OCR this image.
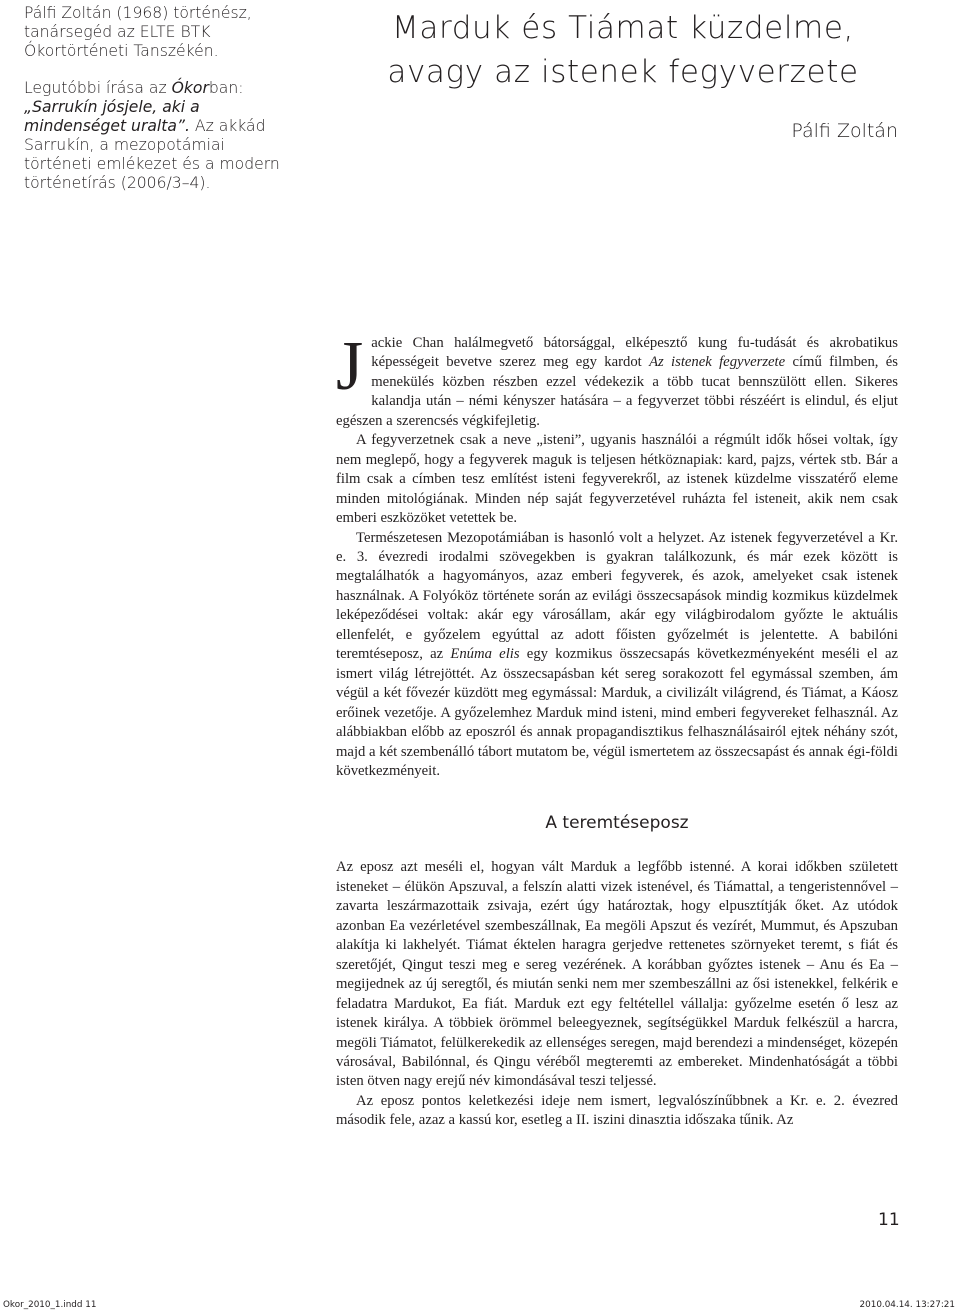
Pálfi Zoltán (1968) történész, tanársegéd az ELTE BTK Ókortörténeti Tanszékén.

Legutóbbi írása az Ókorban: „Sarrukín jósjele, aki a mindenséget uralta”. Az akkád Sarrukín, a mezopotámiai történeti emlékezet és a modern történetírás (2006/3–4).

Marduk és Tiámat küzdelme,
avagy az istenek fegyverzete

Pálfi Zoltán

Jackie Chan halálmegvető bátorsággal, elképesztő kung fu-tudását és akrobatikus képességeit bevetve szerez meg egy kardot Az istenek fegyverzete című filmben, és menekülés közben részben ezzel védekezik a több tucat bennszülött ellen. Sikeres kalandja után – némi kényszer hatására – a fegyverzet többi részéért is elindul, és eljut egészen a szerencsés végkifejletig.

A fegyverzetnek csak a neve „isteni”, ugyanis használói a régmúlt idők hősei voltak, így nem meglepő, hogy a fegyverek maguk is teljesen hétköznapiak: kard, pajzs, vértek stb. Bár a film csak a címben tesz említést isteni fegyverekről, az istenek küzdelme visszatérő eleme minden mitológiának. Minden nép saját fegyverzetével ruházta fel isteneit, akik nem csak emberi eszközöket vetettek be.

Természetesen Mezopotámiában is hasonló volt a helyzet. Az istenek fegyverzetével a Kr. e. 3. évezredi irodalmi szövegekben is gyakran találkozunk, és már ezek között is megtalálhatók a hagyományos, azaz emberi fegyverek, és azok, amelyeket csak istenek használnak. A Folyóköz története során az evilági összecsapások mindig kozmikus küzdelmek leképeződései voltak: akár egy városállam, akár egy világbirodalom győzte le aktuális ellenfelét, e győzelem egyúttal az adott főisten győzelmét is jelentette. A babilóni teremtéseposz, az Enúma elis egy kozmikus összecsapás következményeként meséli el az ismert világ létrejöttét. Az összecsapásban két sereg sorakozott fel egymással szemben, ám végül a két fővezér küzdött meg egymással: Marduk, a civilizált világrend, és Tiámat, a Káosz erőinek vezetője. A győzelemhez Marduk mind isteni, mind emberi fegyvereket felhasznál. Az alábbiakban előbb az eposzról és annak propagandisztikus felhasználásairól ejtek néhány szót, majd a két szembenálló tábort mutatom be, végül ismertetem az összecsapást és annak égi-földi következményeit.

A teremtéseposz

Az eposz azt meséli el, hogyan vált Marduk a legfőbb istenné. A korai időkben született isteneket – élükön Apszuval, a felszín alatti vizek istenével, és Tiámattal, a tengeristennővel – zavarta leszármazottaik zsivaja, ezért úgy határoztak, hogy elpusztítják őket. Az utódok azonban Ea vezérletével szembeszállnak, Ea megöli Apszut és vezírét, Mummut, és Apszuban alakítja ki lakhelyét. Tiámat éktelen haragra gerjedve rettenetes szörnyeket teremt, s fiát és szeretőjét, Qingut teszi meg e sereg vezérének. A korábban győztes istenek – Anu és Ea – megijednek az új seregtől, és miután senki nem mer szembeszállni az ősi istenekkel, felkérik e feladatra Mardukot, Ea fiát. Marduk ezt egy feltétellel vállalja: győzelme esetén ő lesz az istenek királya. A többiek örömmel beleegyeznek, segítségükkel Marduk felkészül a harcra, megöli Tiámatot, felülkerekedik az ellenséges seregen, majd berendezi a mindenséget, közepén városával, Babilónnal, és Qingu véréből megteremti az embereket. Mindenhatóságát a többi isten ötven nagy erejű név kimondásával teszi teljessé.

Az eposz pontos keletkezési ideje nem ismert, legvalószínűbbnek a Kr. e. 2. évezred második fele, azaz a kassú kor, esetleg a II. iszini dinasztia időszaka tűnik. Az

11
Okor_2010_1.indd 11	2010.04.14. 13:27:21
